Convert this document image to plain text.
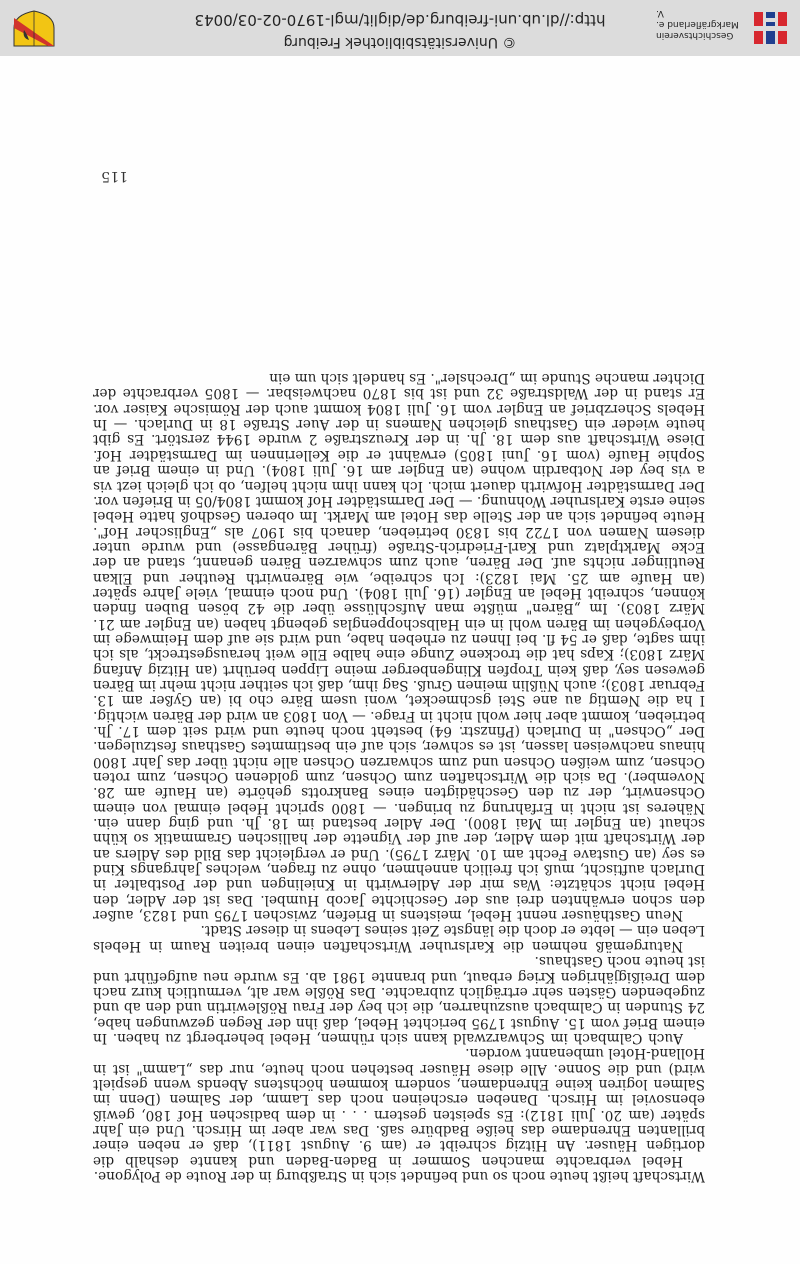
Wirtschaft heißt heute noch so und befindet sich in Straßburg in der Route de Polygone.

Hebel verbrachte manchen Sommer in Baden-Baden und kannte deshalb die dortigen Häuser. An Hitzig schreibt er (am 9. August 1811), daß er neben einer brillanten Ehrendame das heiße Badbüre saß. Das war aber im Hirsch. Und ein Jahr später (am 20. Juli 1812): Es speisten gestern . . . in dem badischen Hof 180, gewiß ebensoviel im Hirsch. Daneben erscheinen noch das Lamm, der Salmen (Denn im Salmen logiren keine Ehrendamen, sondern kommen höchstens Abends wenn gespielt wird) und die Sonne. Alle diese Häuser bestehen noch heute, nur das „Lamm" ist in Holland-Hotel umbenannt worden.

Auch Calmbach im Schwarzwald kann sich rühmen, Hebel beherbergt zu haben. In einem Brief vom 15. August 1795 berichtet Hebel, daß ihn der Regen gezwungen habe, 24 Stunden in Calmbach auszuharren, die ich bey der Frau Rößlewirtin und den ab und zugebenden Gästen sehr erträglich zubrachte. Das Rößle war alt, vermutlich kurz nach dem Dreißigjährigen Krieg erbaut, und brannte 1981 ab. Es wurde neu aufgeführt und ist heute noch Gasthaus.

Naturgemäß nehmen die Karlsruher Wirtschaften einen breiten Raum in Hebels Leben ein — lebte er doch die längste Zeit seines Lebens in dieser Stadt.

Neun Gasthäuser nennt Hebel, meistens in Briefen, zwischen 1795 und 1823, außer den schon erwähnten drei aus der Geschichte Jacob Humbel. Das ist der Adler, den Hebel nicht schätzte: Was mir der Adlerwirth in Knielingen und der Postbalter in Durlach auftischt, muß ich freilich annehmen, ohne zu fragen, welches Jahrgangs Kind es sey (an Gustave Fecht am 10. März 1795). Und er vergleicht das Bild des Adlers an der Wirtschaft mit dem Adler, der auf der Vignette der hallischen Grammatik so kühn schaut (an Engler im Mai 1800). Der Adler bestand im 18. Jh. und ging dann ein. Näheres ist nicht in Erfahrung zu bringen. — 1800 spricht Hebel einmal von einem Ochsenwirt, der zu den Geschädigten eines Bankrotts gehörte (an Haufe am 28. November). Da sich die Wirtschaften zum Ochsen, zum goldenen Ochsen, zum roten Ochsen, zum weißen Ochsen und zum schwarzen Ochsen alle nicht über das Jahr 1800 hinaus nachweisen lassen, ist es schwer, sich auf ein bestimmtes Gasthaus festzulegen. Der „Ochsen" in Durlach (Pfinzstr. 64) besteht noch heute und wird seit dem 17. Jh. betrieben, kommt aber hier wohl nicht in Frage. — Von 1803 an wird der Bären wichtig. I ha die Nemtig au ane Stei gschmecket, woni usem Bäre cho bi (an Gyßer am 13. Februar 1803); auch Nüßlin meinen Gruß. Sag ihm, daß ich seither nicht mehr im Bären gewesen sey, daß kein Tropfen Klingenberger meine Lippen berührt (an Hitzig Anfang März 1803); Kaps hat die trockene Zunge eine halbe Elle weit herausgestreckt, als ich ihm sagte, daß er 54 fl. bei Ihnen zu erheben habe, und wird sie auf dem Heimwege im Vorbeygehen im Bären wohl in ein Halbschoppenglas gebengt haben (an Engler am 21. März 1803). Im „Bären" müßte man Aufschlüsse über die 42 bösen Buben finden können, schreibt Hebel an Engler (16. Juli 1804). Und noch einmal, viele Jahre später (an Haufe am 25. Mai 1823): Ich schreibe, wie Bärenwirth Reuther und Elkan Reutlinger nichts auf. Der Bären, auch zum schwarzen Bären genannt, stand an der Ecke Marktplatz und Karl-Friedrich-Straße (früher Bärengasse) und wurde unter diesem Namen von 1722 bis 1830 betrieben, danach bis 1907 als „Englischer Hof". Heute befindet sich an der Stelle das Hotel am Markt. Im oberen Gesdhoß hatte Hebel seine erste Karlsruher Wohnung. — Der Darmstädter Hof kommt 1804/05 in Briefen vor. Der Darmstädter Hofwirth dauert mich. Ich kann ihm nicht helfen, ob ich gleich iezt vis a vis bey der Notbardin wohne (an Engler am 16. Juli 1804). Und in einem Brief an Sophie Haufe (vom 16. Juni 1805) erwähnt er die Kellerinnen im Darmstädter Hof. Diese Wirtschaft aus dem 18. Jh. in der Kreuzstraße 2 wurde 1944 zerstört. Es gibt heute wieder ein Gasthaus gleichen Namens in der Auer Straße 18 in Durlach. — In Hebels Scherzbrief an Engler vom 16. Juli 1804 kommt auch der Römische Kaiser vor. Er stand in der Waldstraße 32 und ist bis 1870 nachweisbar. — 1805 verbrachte der Dichter manche Stunde im „Drechsler". Es handelt sich um ein

115
© Universitätsbibliothek Freiburg
http://dl.ub.uni-freiburg.de/diglit/mgl-1970-02-03/0043
Geschichtsverein
Markgräflerland e. V.
